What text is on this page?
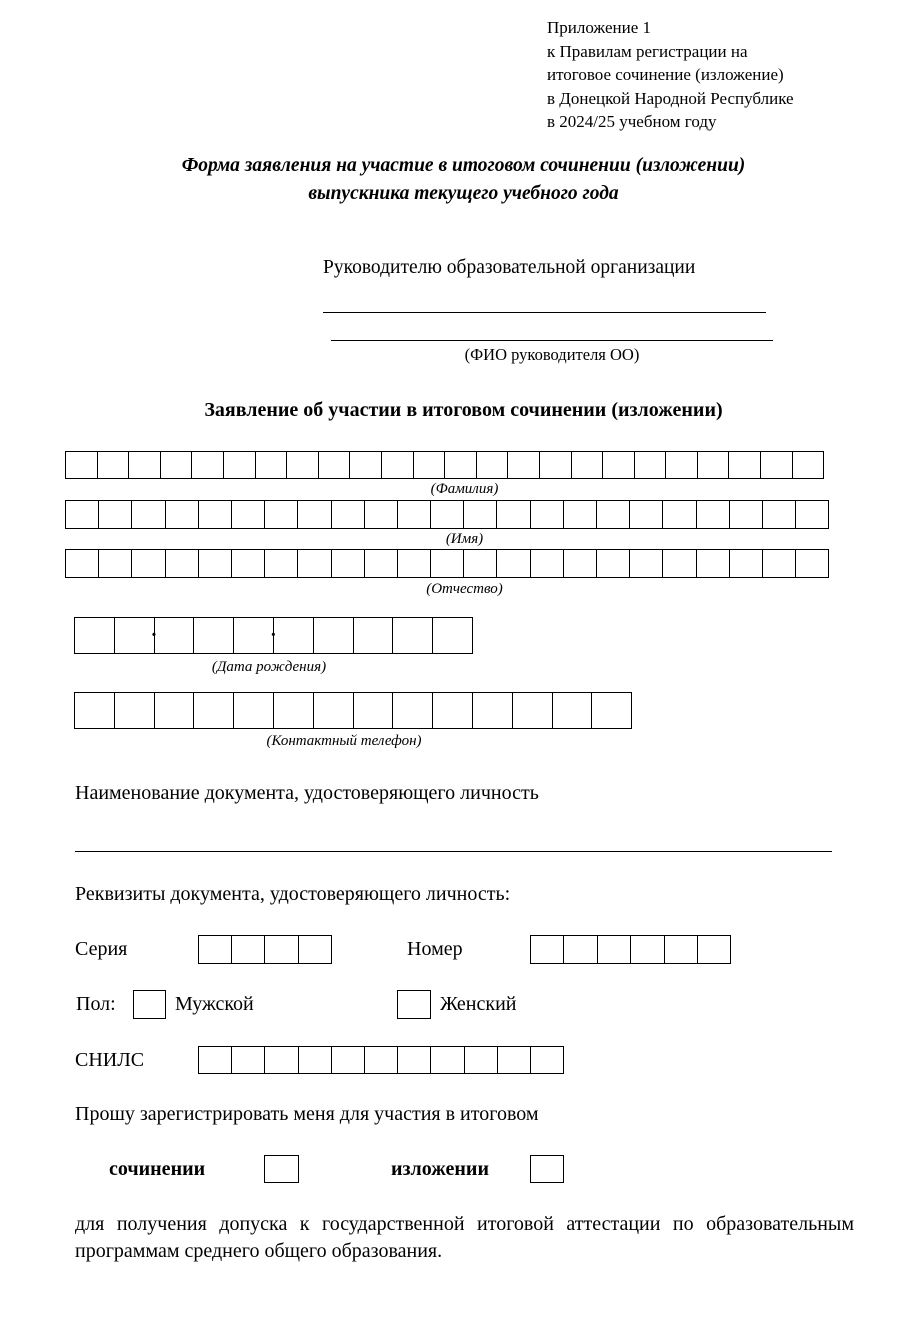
Приложение 1
к Правилам регистрации на
итоговое сочинение (изложение)
в Донецкой Народной Республике
в 2024/25 учебном году
Форма заявления на участие в итоговом сочинении (изложении)
выпускника текущего учебного года
Руководителю образовательной организации
(ФИО руководителя ОО)
Заявление об участии в итоговом сочинении (изложении)
(Фамилия)
(Имя)
(Отчество)
·
·
(Дата рождения)
(Контактный телефон)
Наименование документа, удостоверяющего личность
Реквизиты документа, удостоверяющего личность:
Серия	Номер
Пол:	Мужской	Женский
СНИЛС
Прошу зарегистрировать меня для участия в итоговом
сочинении	изложении
для получения допуска к государственной итоговой аттестации по образовательным программам среднего общего образования.
